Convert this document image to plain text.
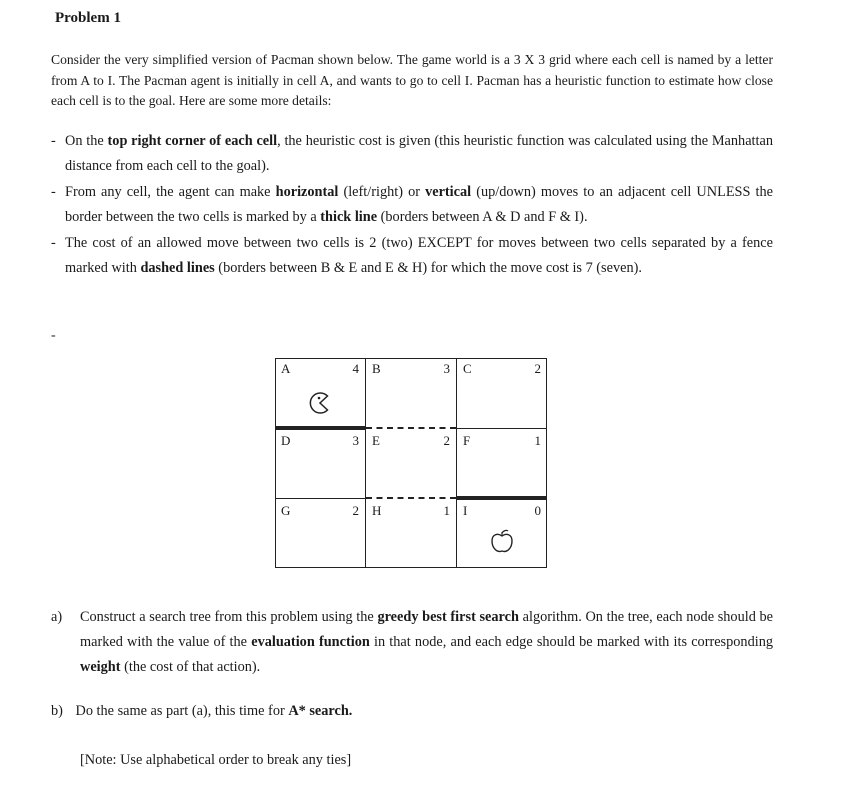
Problem 1
Consider the very simplified version of Pacman shown below. The game world is a 3 X 3 grid where each cell is named by a letter from A to I. The Pacman agent is initially in cell A, and wants to go to cell I. Pacman has a heuristic function to estimate how close each cell is to the goal. Here are some more details:
- On the top right corner of each cell, the heuristic cost is given (this heuristic function was calculated using the Manhattan distance from each cell to the goal).
- From any cell, the agent can make horizontal (left/right) or vertical (up/down) moves to an adjacent cell UNLESS the border between the two cells is marked by a thick line (borders between A & D and F & I).
- The cost of an allowed move between two cells is 2 (two) EXCEPT for moves between two cells separated by a fence marked with dashed lines (borders between B & E and E & H) for which the move cost is 7 (seven).
-
A	4 B	3 C	2
D	3 E	2 F	1
G	2 H	1 I	0
a) Construct a search tree from this problem using the greedy best first search algorithm. On the tree, each node should be marked with the value of the evaluation function in that node, and each edge should be marked with its corresponding weight (the cost of that action).
b) Do the same as part (a), this time for A* search.
[Note: Use alphabetical order to break any ties]
